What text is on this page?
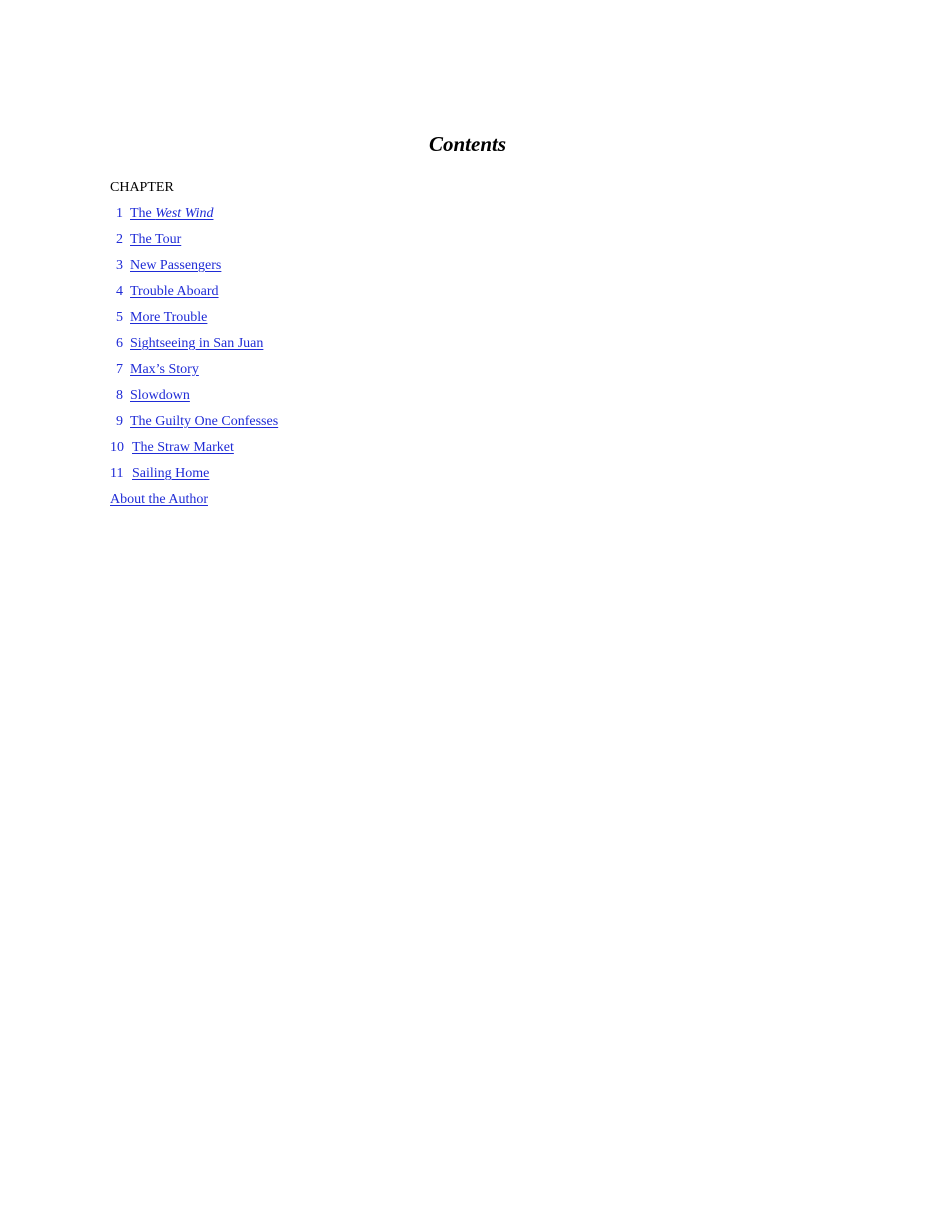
Contents
CHAPTER
1 The West Wind
2 The Tour
3 New Passengers
4 Trouble Aboard
5 More Trouble
6 Sightseeing in San Juan
7 Max’s Story
8 Slowdown
9 The Guilty One Confesses
10 The Straw Market
11 Sailing Home
About the Author
